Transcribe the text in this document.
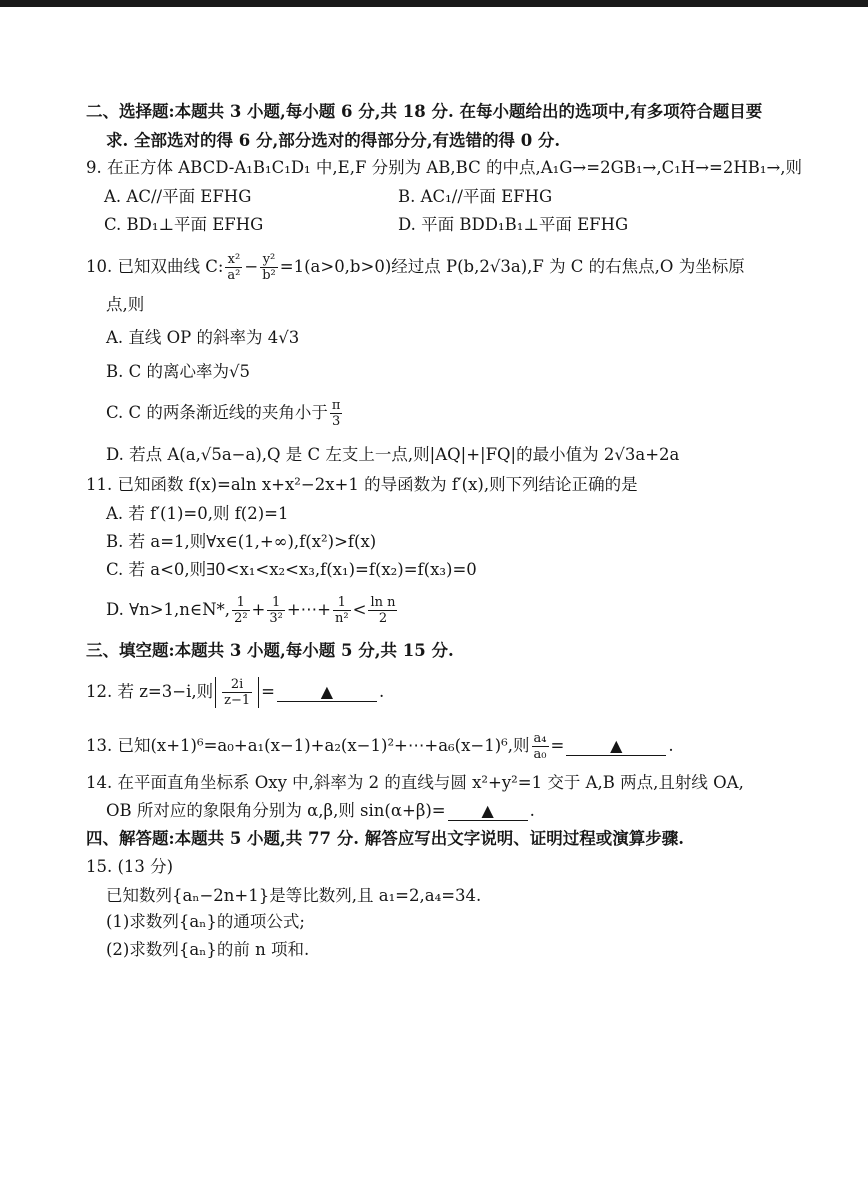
二、选择题:本题共 3 小题,每小题 6 分,共 18 分. 在每小题给出的选项中,有多项符合题目要
求. 全部选对的得 6 分,部分选对的得部分分,有选错的得 0 分.
9. 在正方体 ABCD-A₁B₁C₁D₁ 中,E,F 分别为 AB,BC 的中点,A₁G→=2GB₁→,C₁H→=2HB₁→,则
A. AC//平面 EFHG	B. AC₁//平面 EFHG
C. BD₁⊥平面 EFHG	D. 平面 BDD₁B₁⊥平面 EFHG
10. 已知双曲线 C: $\frac{\text{x²}}{\text{a²}} - \frac{\text{y²}}{\text{b²}} =1(a>0,b>0)$经过点 P(b,2√3a),F 为 C 的右焦点,O 为坐标原
点,则
A. 直线 OP 的斜率为 4√3
B. C 的离心率为√5
C. C 的两条渐近线的夹角小于 $\frac{\pi}{3}$
D. 若点 A(a,√5a−a),Q 是 C 左支上一点,则|AQ|+|FQ|的最小值为 2√3a+2a
11. 已知函数 f(x)=aln x+x²−2x+1 的导函数为 f′(x),则下列结论正确的是
A. 若 f′(1)=0,则 f(2)=1
B. 若 a=1,则∀x∈(1,+∞),f(x²)>f(x)
C. 若 a<0,则∃0<x₁<x₂<x₃,f(x₁)=f(x₂)=f(x₃)=0
D. ∀n>1,n∈N*, $\frac{1}{\text{2²}} + \frac{1}{\text{3²}}$ +⋯+ $\frac{1}{\text{n²}} < \frac{\text{ln n}}{2}$
三、填空题:本题共 3 小题,每小题 5 分,共 15 分.
12. 若 z=3−i,则 $\frac{2i}{z-1}$ =	▲	.
13. 已知(x+1)⁶=a₀+a₁(x−1)+a₂(x−1)²+⋯+a₆(x−1)⁶,则 $\frac{\text{a₄}}{\text{a₀}}$ =	▲	.
14. 在平面直角坐标系 Oxy 中,斜率为 2 的直线与圆 x²+y²=1 交于 A,B 两点,且射线 OA,
OB 所对应的象限角分别为 α,β,则 sin(α+β)= ▲ .
四、解答题:本题共 5 小题,共 77 分. 解答应写出文字说明、证明过程或演算步骤.
15. (13 分)
已知数列{aₙ−2n+1}是等比数列,且 a₁=2,a₄=34.
(1)求数列{aₙ}的通项公式;
(2)求数列{aₙ}的前 n 项和.
